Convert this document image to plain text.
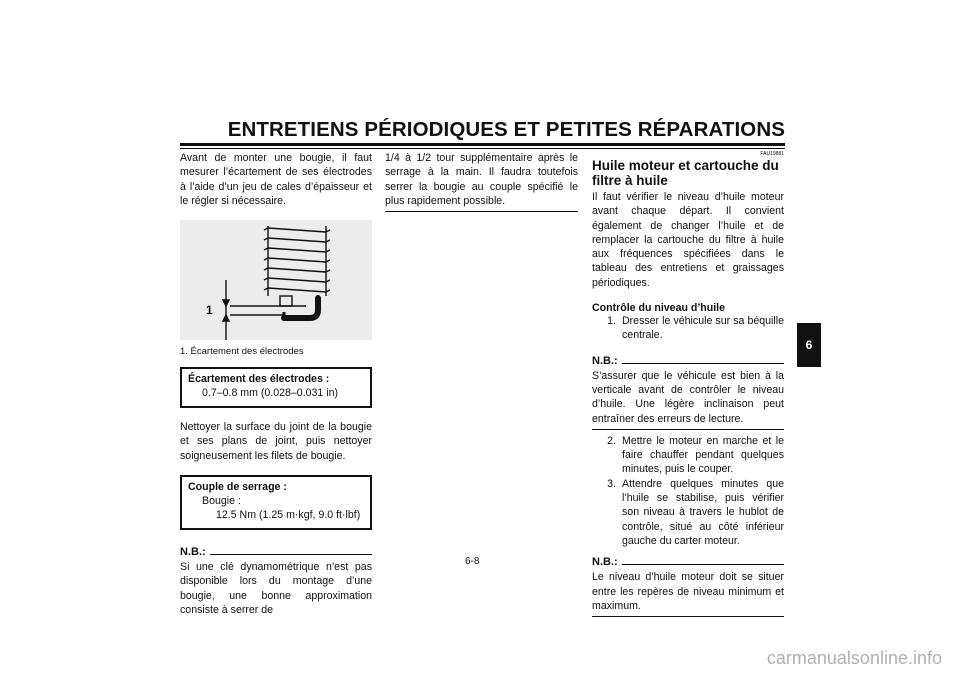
ENTRETIENS PÉRIODIQUES ET PETITES RÉPARATIONS

Avant de monter une bougie, il faut mesurer l’écartement de ses électrodes à l’aide d’un jeu de cales d’épaisseur et le régler si nécessaire.

1
1. Écartement des électrodes
Écartement des électrodes :
0.7–0.8 mm (0.028–0.031 in)

Nettoyer la surface du joint de la bougie et ses plans de joint, puis nettoyer soigneusement les filets de bougie.

Couple de serrage :
Bougie :
12.5 Nm (1.25 m·kgf, 9.0 ft·lbf)
N.B.:

Si une clé dynamométrique n’est pas disponible lors du montage d’une bougie, une bonne approximation consiste à serrer de

1/4 à 1/2 tour supplémentaire après le serrage à la main. Il faudra toutefois serrer la bougie au couple spécifié le plus rapidement possible.

FAU19881
Huile moteur et cartouche du filtre à huile

Il faut vérifier le niveau d’huile moteur avant chaque départ. Il convient également de changer l’huile et de remplacer la cartouche du filtre à huile aux fréquences spécifiées dans le tableau des entretiens et graissages périodiques.

Contrôle du niveau d’huile
1. Dresser le véhicule sur sa béquille centrale.
N.B.:

S’assurer que le véhicule est bien à la verticale avant de contrôler le niveau d’huile. Une légère inclinaison peut entraîner des erreurs de lecture.

2. Mettre le moteur en marche et le faire chauffer pendant quelques minutes, puis le couper.
3. Attendre quelques minutes que l’huile se stabilise, puis vérifier son niveau à travers le hublot de contrôle, situé au côté inférieur gauche du carter moteur.
N.B.:

Le niveau d’huile moteur doit se situer entre les repères de niveau minimum et maximum.

6
6-8
carmanualsonline.info
